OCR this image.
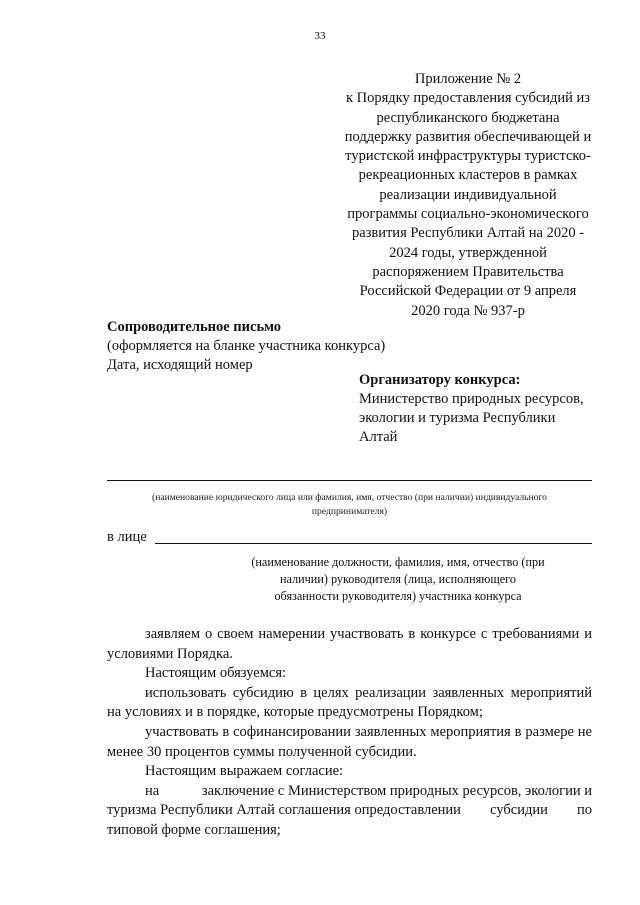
33
Приложение № 2
к Порядку предоставления субсидий из
республиканского бюджетана
поддержку развития обеспечивающей и
туристской инфраструктуры туристско-
рекреационных кластеров в рамках
реализации индивидуальной
программы социально-экономического
развития Республики Алтай на 2020 -
2024 годы, утвержденной
распоряжением Правительства
Российской Федерации от 9 апреля
2020 года № 937-р
Сопроводительное письмо
(оформляется на бланке участника конкурса)
Дата, исходящий номер
Организатору конкурса:
Министерство природных ресурсов,
экологии и туризма Республики
Алтай
(наименование юридического лица или фамилия, имя, отчество (при наличии) индивидуального
предпринимателя)
в лице
(наименование должности, фамилия, имя, отчество (при
наличии) руководителя (лица, исполняющего
обязанности руководителя) участника конкурса

заявляем о своем намерении участвовать в конкурсе с требованиями и условиями Порядка.

Настоящим обязуемся:

использовать субсидию в целях реализации заявленных мероприятий на условиях и в порядке, которые предусмотрены Порядком;

участвовать в софинансировании заявленных мероприятия в размере не менее 30 процентов суммы полученной субсидии.

Настоящим выражаем согласие:

на	заключение с Министерством природных ресурсов, экологии и
туризма Республики Алтай соглашения опредоставлении субсидии по
типовой форме соглашения;
